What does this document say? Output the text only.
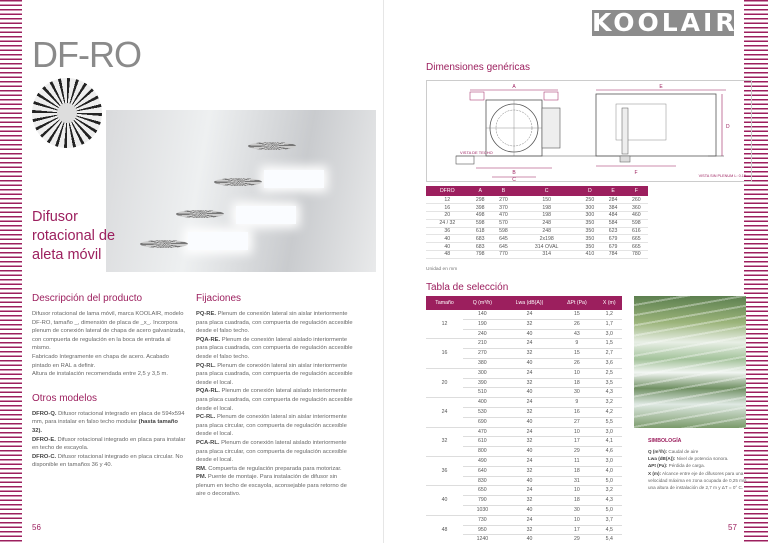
KOOLAIR
DF-RO
Difusor
rotacional de
aleta móvil
Descripción del producto
Difusor rotacional de lama móvil, marca KOOLAIR, modelo DF-RO, tamaño _, dimensión de placa de _x_. Incorpora plenum de conexión lateral de chapa de acero galvanizada, con compuerta de regulación en la boca de entrada al mismo.
Fabricado íntegramente en chapa de acero. Acabado pintado en RAL a definir.
Altura de instalación recomendada entre 2,5 y 3,5 m.
Otros modelos
DFRO-Q. Difusor rotacional integrado en placa de 594x594 mm, para instalar en falso techo modular (hasta tamaño 32).
DFRO-E. Difusor rotacional integrado en placa para instalar en techo de escayola.
DFRO-C. Difusor rotacional integrado en placa circular. No disponible en tamaños 36 y 40.
Fijaciones
PQ-RE. Plenum de conexión lateral sin aislar interiormente para placa cuadrada, con compuerta de regulación accesible desde el falso techo.
PQA-RE. Plenum de conexión lateral aislado interiormente para placa cuadrada, con compuerta de regulación accesible desde el falso techo.
PQ-RL. Plenum de conexión lateral sin aislar interiormente para placa cuadrada, con compuerta de regulación accesible desde el local.
PQA-RL. Plenum de conexión lateral aislado interiormente para placa cuadrada, con compuerta de regulación accesible desde el local.
PC-RL. Plenum de conexión lateral sin aislar interiormente para placa circular, con compuerta de regulación accesible desde el local.
PCA-RL. Plenum de conexión lateral aislado interiormente para placa circular, con compuerta de regulación accesible desde el local.
RM. Compuerta de regulación preparada para motorizar.
PM. Puente de montaje. Para instalación de difusor sin plenum en techo de escayola, aconsejable para retorno de aire o decorativo.
Dimensiones genéricas
A
VISTA DE TECHO
B
C
E
D
F	VISTA SIN PLENUM L: 0.15
DFRO	A	B	C	D	E	F
12	298	270	150	250	284	260
16	398	370	198	300	384	360
20	498	470	198	300	484	460
24 / 32	598	570	248	350	584	598
36	618	598	248	350	623	616
40	683	645	2x198	350	679	665
40	683	645	314 OVAL	350	679	665
48	798	770	314	410	784	780
Unidad en mm
Tabla de selección
Tamaño	Q (m³/h)	Lwa (dB(A))	ΔPt (Pa)	X (m)
12	140	24	15	1,2
	190	32	26	1,7
	240	40	43	3,0
16	210	24	9	1,5
	270	32	15	2,7
	380	40	26	3,6
20	300	24	10	2,5
	390	32	18	3,5
	510	40	30	4,3
24	400	24	9	3,2
	530	32	16	4,2
	690	40	27	5,5
32	470	24	10	3,0
	610	32	17	4,1
	800	40	29	4,6
36	490	24	11	3,0
	640	32	18	4,0
	830	40	31	5,0
40	650	24	10	3,2
	790	32	18	4,3
	1030	40	30	5,0
48	730	24	10	3,7
	950	32	17	4,5
	1240	40	29	5,4
SIMBOLOGÍA
Q (m³/h): Caudal de aire
Lwa (dB(A)): Nivel de potencia sonora.
ΔPt (Pa): Pérdida de carga.
X (m): Alcance entre eje de difusores para una velocidad máxima en zona ocupada de 0,25 m/s, una altura de instalación de 2,7 m y ΔT = 0° C.
56	57
